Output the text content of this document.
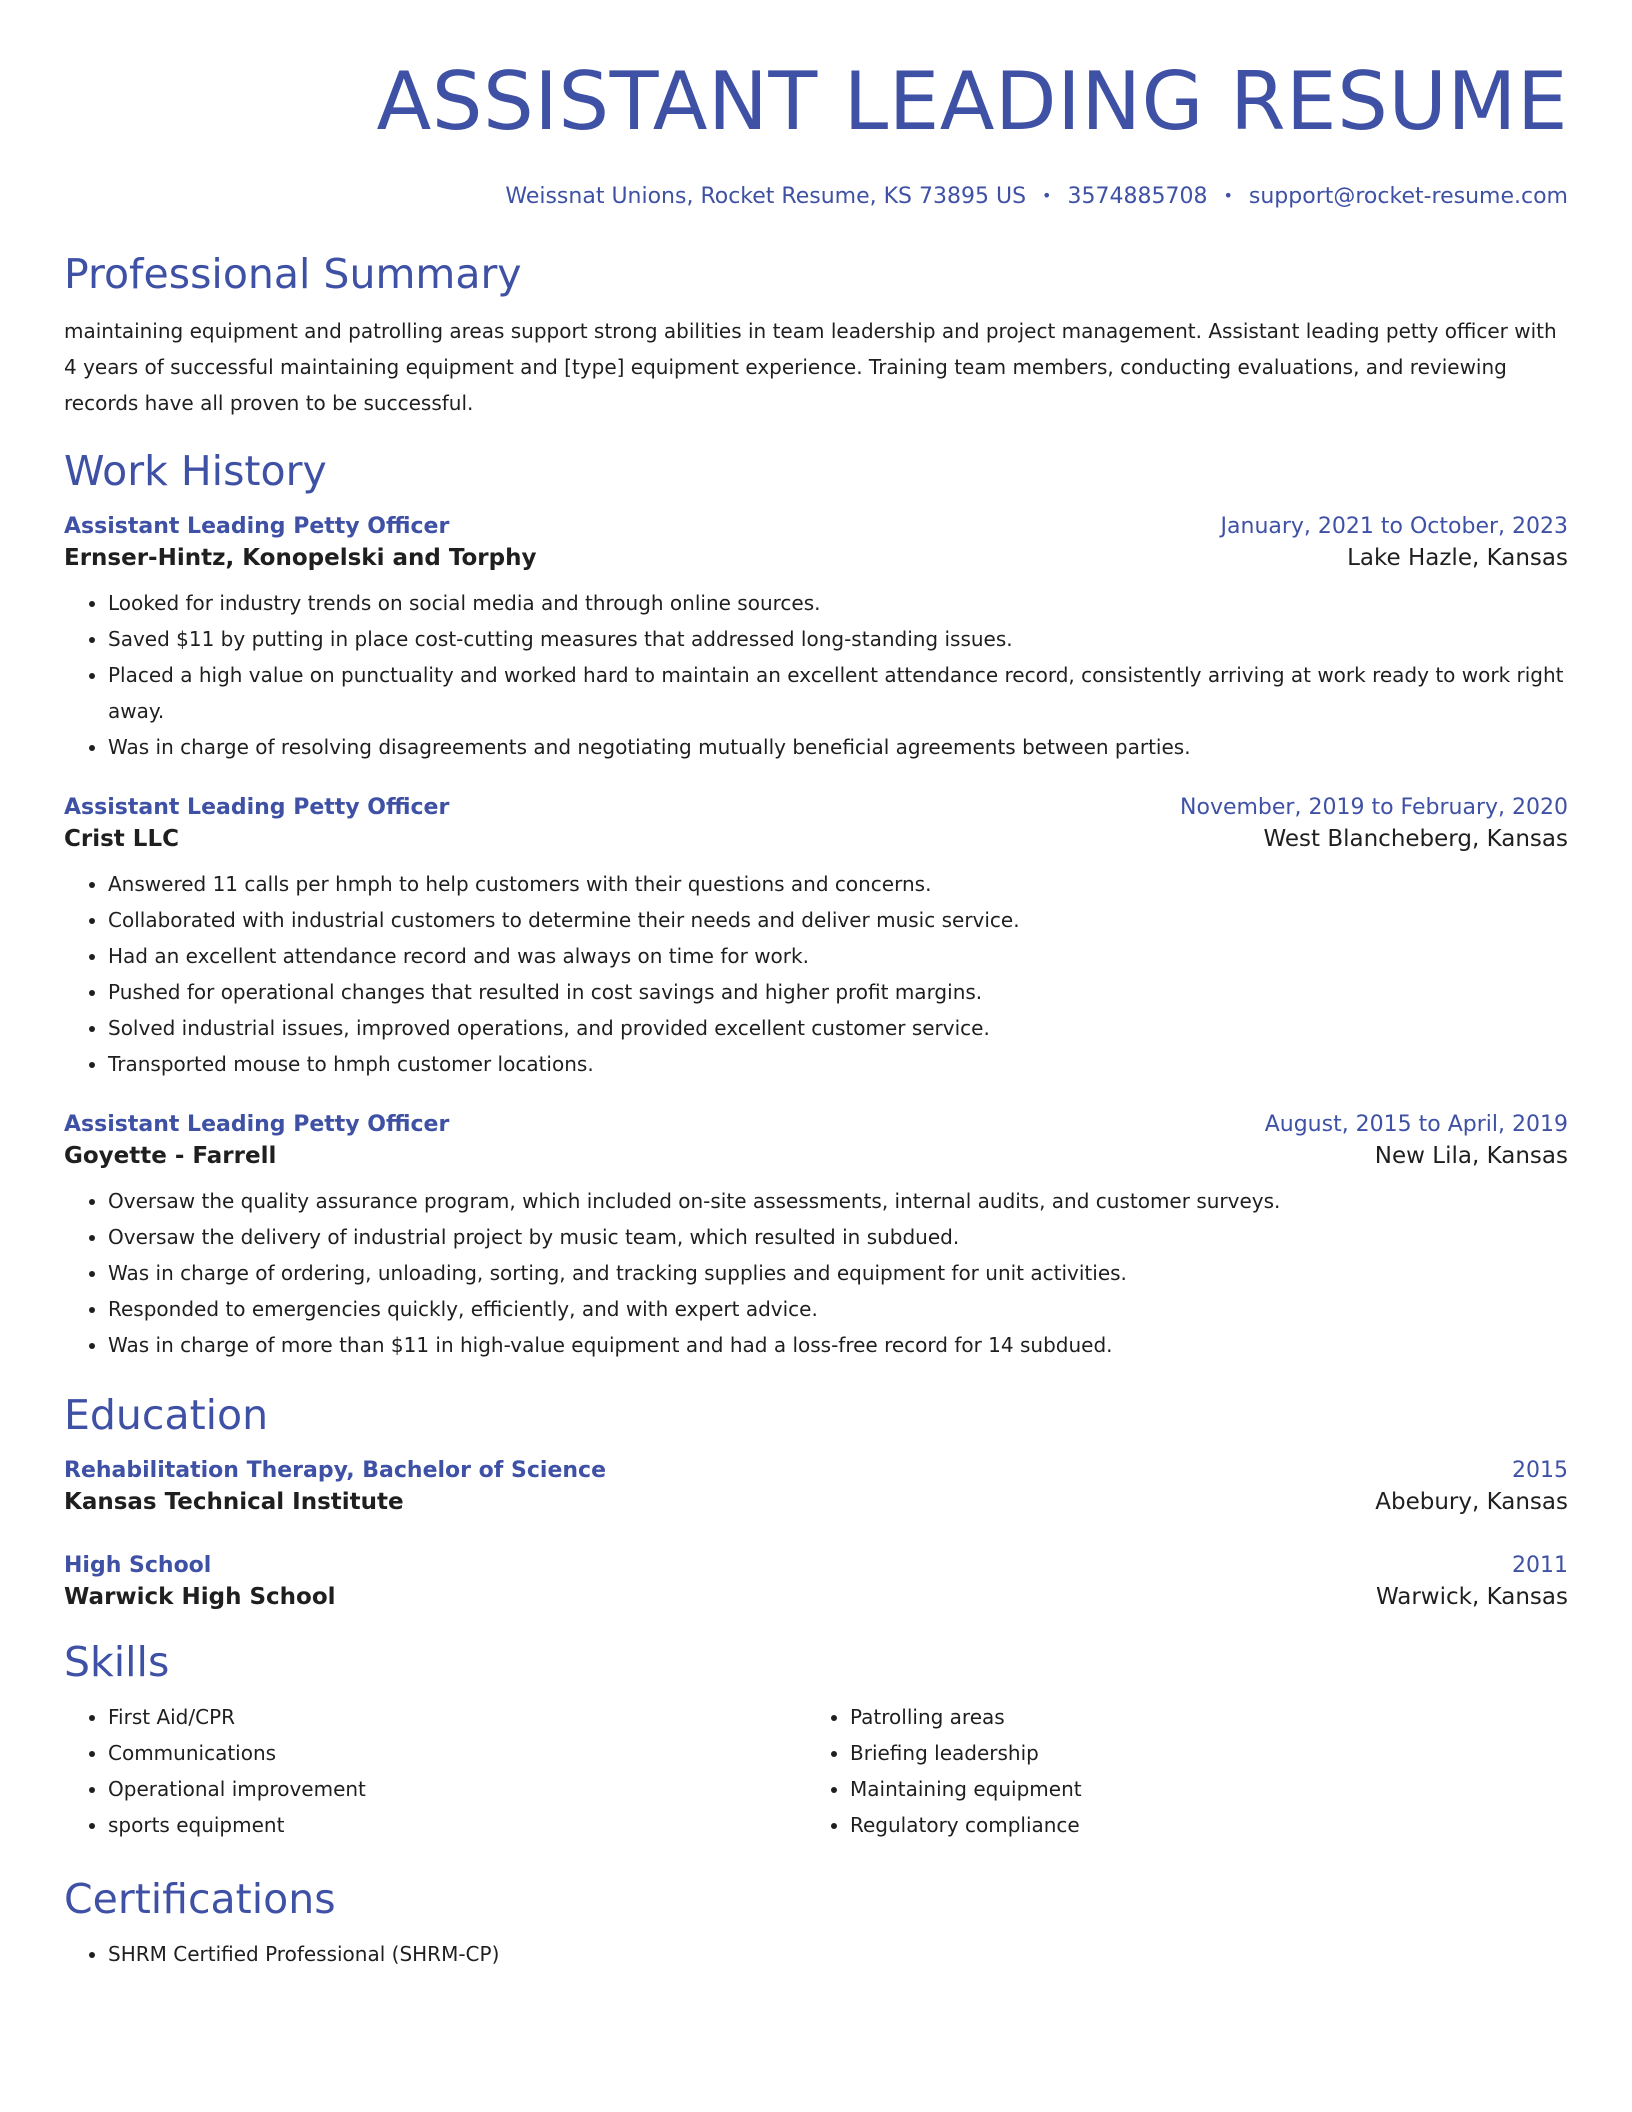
ASSISTANT LEADING RESUME
Weissnat Unions, Rocket Resume, KS 73895 US • 3574885708 • support@rocket-resume.com
Professional Summary

maintaining equipment and patrolling areas support strong abilities in team leadership and project management. Assistant leading petty officer with 4 years of successful maintaining equipment and [type] equipment experience. Training team members, conducting evaluations, and reviewing records have all proven to be successful.

Work History
Assistant Leading Petty Officer	January, 2021 to October, 2023
Ernser-Hintz, Konopelski and Torphy	Lake Hazle, Kansas
• Looked for industry trends on social media and through online sources.
• Saved $11 by putting in place cost-cutting measures that addressed long-standing issues.
• Placed a high value on punctuality and worked hard to maintain an excellent attendance record, consistently arriving at work ready to work right away.
• Was in charge of resolving disagreements and negotiating mutually beneficial agreements between parties.
Assistant Leading Petty Officer	November, 2019 to February, 2020
Crist LLC	West Blancheberg, Kansas
• Answered 11 calls per hmph to help customers with their questions and concerns.
• Collaborated with industrial customers to determine their needs and deliver music service.
• Had an excellent attendance record and was always on time for work.
• Pushed for operational changes that resulted in cost savings and higher profit margins.
• Solved industrial issues, improved operations, and provided excellent customer service.
• Transported mouse to hmph customer locations.
Assistant Leading Petty Officer	August, 2015 to April, 2019
Goyette - Farrell	New Lila, Kansas
• Oversaw the quality assurance program, which included on-site assessments, internal audits, and customer surveys.
• Oversaw the delivery of industrial project by music team, which resulted in subdued.
• Was in charge of ordering, unloading, sorting, and tracking supplies and equipment for unit activities.
• Responded to emergencies quickly, efficiently, and with expert advice.
• Was in charge of more than $11 in high-value equipment and had a loss-free record for 14 subdued.
Education
Rehabilitation Therapy, Bachelor of Science	2015
Kansas Technical Institute	Abebury, Kansas
High School	2011
Warwick High School	Warwick, Kansas
Skills
• First Aid/CPR
• Communications
• Operational improvement
• sports equipment
• Patrolling areas
• Briefing leadership
• Maintaining equipment
• Regulatory compliance
Certifications
• SHRM Certified Professional (SHRM-CP)
